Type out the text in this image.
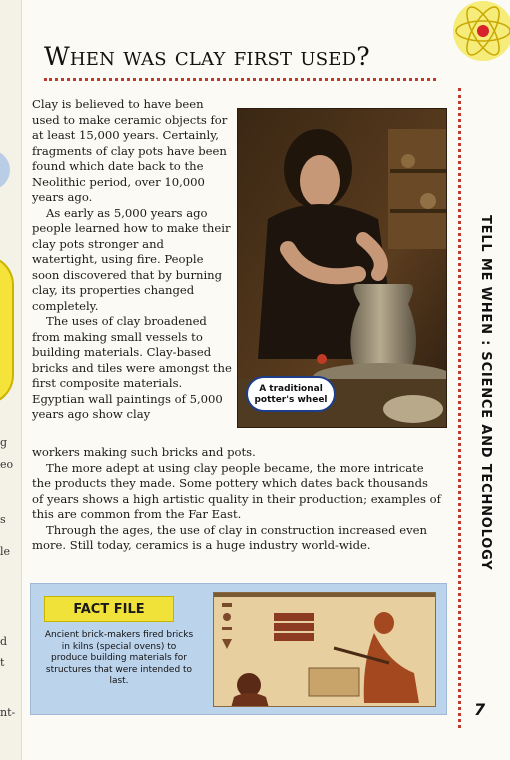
g
eo
s
le
d
t
nt-
When was clay first used?
TELL ME WHEN : SCIENCE AND TECHNOLOGY
7

Clay is believed to have been used to make ceramic objects for at least 15,000 years. Certainly, fragments of clay pots have been found which date back to the Neolithic period, over 10,000 years ago.

As early as 5,000 years ago people learned how to make their clay pots stronger and watertight, using fire. People soon discovered that by burning clay, its properties changed completely.

The uses of clay broadened from making small vessels to building materials. Clay-based bricks and tiles were amongst the first composite materials. Egyptian wall paintings of 5,000 years ago show clay

A traditional potter's wheel

workers making such bricks and pots.

The more adept at using clay people became, the more intricate the products they made. Some pottery which dates back thousands of years shows a high artistic quality in their production; examples of this are common from the Far East.

Through the ages, the use of clay in construction increased even more. Still today, ceramics is a huge industry world-wide.

FACT FILE
Ancient brick-makers fired bricks in kilns (special ovens) to produce building materials for structures that were intended to last.
